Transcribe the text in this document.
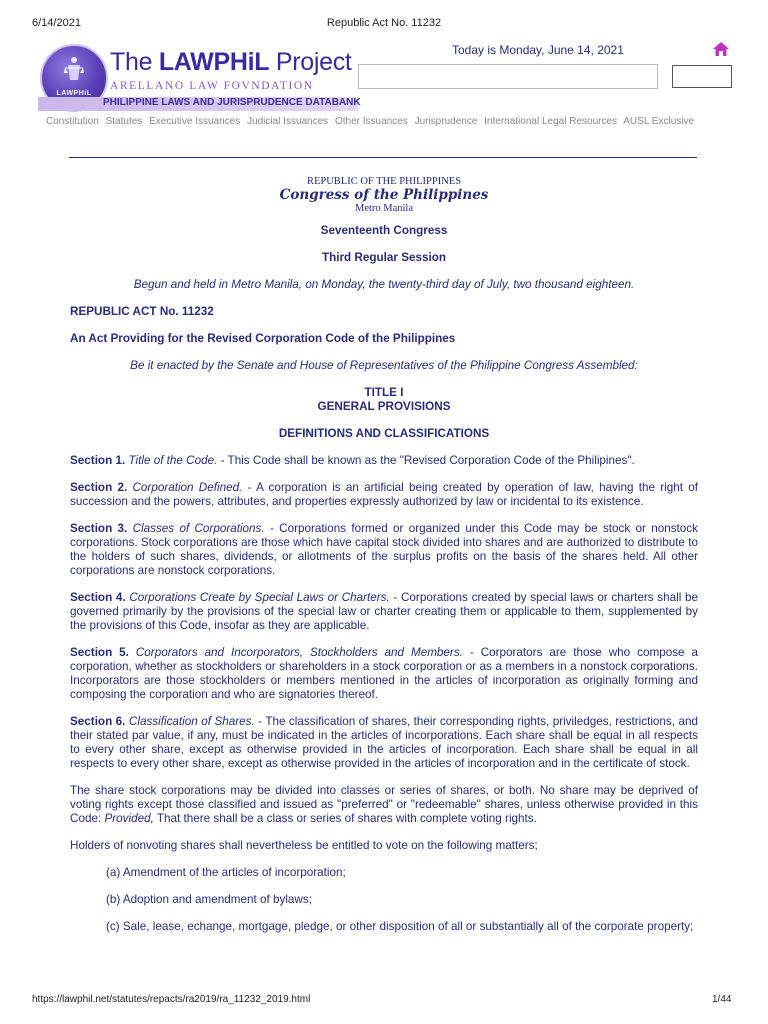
6/14/2021	Republic Act No. 11232
LAWPHiL
The LAWPHiL Project
ARELLANO LAW FOVNDATION
PHILIPPINE LAWS AND JURISPRUDENCE DATABANK
Today is Monday, June 14, 2021
Constitution Statutes Executive Issuances Judicial Issuances Other Issuances Jurisprudence International Legal Resources AUSL Exclusive

REPUBLIC OF THE PHILIPPINES

Congress of the Philippines

Metro Manila

Seventeenth Congress

Third Regular Session

Begun and held in Metro Manila, on Monday, the twenty-third day of July, two thousand eighteen.

REPUBLIC ACT No. 11232

An Act Providing for the Revised Corporation Code of the Philippines

Be it enacted by the Senate and House of Representatives of the Philippine Congress Assembled:

TITLE I

GENERAL PROVISIONS

DEFINITIONS AND CLASSIFICATIONS

Section 1. Title of the Code. - This Code shall be known as the "Revised Corporation Code of the Philipines".

Section 2. Corporation Defined. - A corporation is an artificial being created by operation of law, having the right of succession and the powers, attributes, and properties expressly authorized by law or incidental to its existence.

Section 3. Classes of Corporations. - Corporations formed or organized under this Code may be stock or nonstock corporations. Stock corporations are those which have capital stock divided into shares and are authorized to distribute to the holders of such shares, dividends, or allotments of the surplus profits on the basis of the shares held. All other corporations are nonstock corporations.

Section 4. Corporations Create by Special Laws or Charters. - Corporations created by special laws or charters shall be governed primarily by the provisions of the special law or charter creating them or applicable to them, supplemented by the provisions of this Code, insofar as they are applicable.

Section 5. Corporators and Incorporators, Stockholders and Members. - Corporators are those who compose a corporation, whether as stockholders or shareholders in a stock corporation or as a members in a nonstock corporations. Incorporators are those stockholders or members mentioned in the articles of incorporation as originally forming and composing the corporation and who are signatories thereof.

Section 6. Classification of Shares. - The classification of shares, their corresponding rights, priviledges, restrictions, and their stated par value, if any, must be indicated in the articles of incorporations. Each share shall be equal in all respects to every other share, except as otherwise provided in the articles of incorporation. Each share shall be equal in all respects to every other share, except as otherwise provided in the articles of incorporation and in the certificate of stock.

The share stock corporations may be divided into classes or series of shares, or both. No share may be deprived of voting rights except those classified and issued as "preferred" or "redeemable" shares, unless otherwise provided in this Code: Provided, That there shall be a class or series of shares with complete voting rights.

Holders of nonvoting shares shall nevertheless be entitled to vote on the following matters;

(a) Amendment of the articles of incorporation;

(b) Adoption and amendment of bylaws;

(c) Sale, lease, echange, mortgage, pledge, or other disposition of all or substantially all of the corporate property;

https://lawphil.net/statutes/repacts/ra2019/ra_11232_2019.html	1/44
